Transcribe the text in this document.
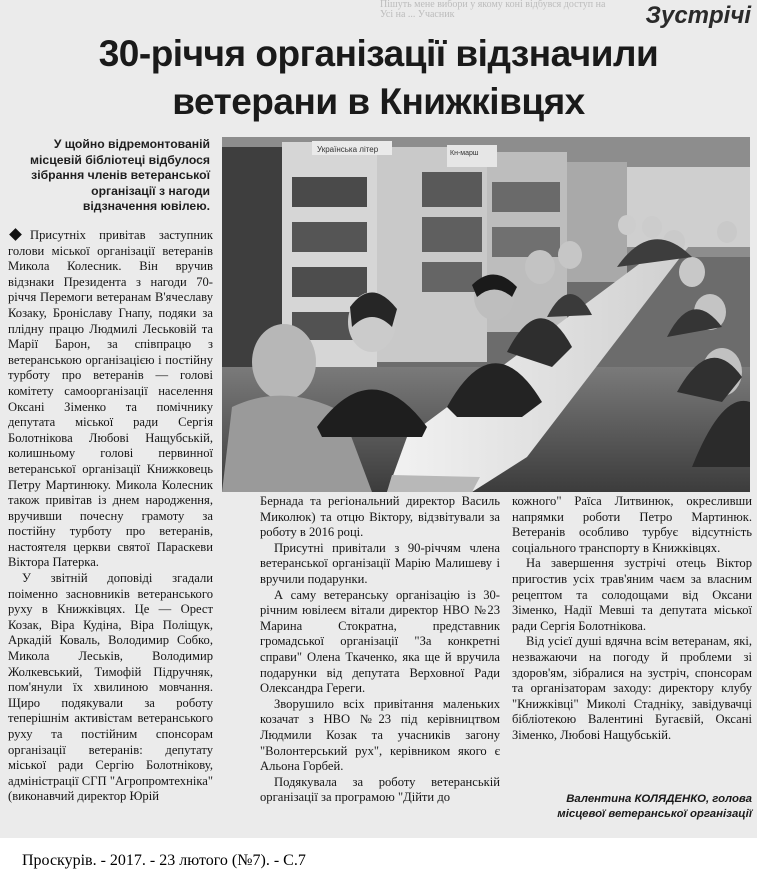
Пішуть мене вибори у якому коні відбувся доступ на Усі на ... Учасник	Зустрічі
30-річчя організації відзначили
ветерани в Книжківцях
У щойно відремонтованій місцевій бібліотеці відбулося зібрання членів ветеранської організації з нагоди відзначення ювілею.
Українська літер	Кн-марш

Присутніх привітав заступник голови міської організації ветеранів Микола Колесник. Він вручив відзнаки Президента з нагоди 70-річчя Перемоги ветеранам В'ячеславу Козаку, Броніславу Гнапу, подяки за плідну працю Людмилі Леськовій та Марії Барон, за співпрацю з ветеранською організацією і постійну турботу про ветеранів — голові комітету самоорганізації населення Оксані Зіменко та помічнику депутата міської ради Сергія Болотнікова Любові Нащубській, колишньому голові первинної ветеранської організації Книжковець Петру Мартинюку. Микола Колесник також привітав із днем народження, вручивши почесну грамоту за постійну турботу про ветеранів, настоятеля церкви святої Параскеви Віктора Патерка.

У звітній доповіді згадали поіменно засновників ветеранського руху в Книжківцях. Це — Орест Козак, Віра Кудіна, Віра Поліщук, Аркадій Коваль, Володимир Собко, Микола Леськів, Володимир Жолкевський, Тимофій Підручняк, пом'янули їх хвилиною мовчання. Щиро подякували за роботу теперішнім активістам ветеранського руху та постійним спонсорам організації ветеранів: депутату міської ради Сергію Болотнікову, адміністрації СГП "Агропромтехніка" (виконавчий директор Юрій

Бернада та регіональний директор Василь Миколюк) та отцю Віктору, відзвітували за роботу в 2016 році.

Присутні привітали з 90-річчям члена ветеранської організації Марію Малишеву і вручили подарунки.

А саму ветеранську організацію із 30-річним ювілеєм вітали директор НВО №23 Марина Стократна, представник громадської організації "За конкретні справи" Олена Ткаченко, яка ще й вручила подарунки від депутата Верховної Ради Олександра Гереги.

Зворушило всіх привітання маленьких козачат з НВО №23 під керівництвом Людмили Козак та учасників загону "Волонтерський рух", керівником якого є Альона Горбей.

Подякувала за роботу ветеранській організації за програмою "Дійти до

кожного" Раїса Литвинюк, окресливши напрямки роботи Петро Мартинюк. Ветеранів особливо турбує відсутність соціального транспорту в Книжківцях.

На завершення зустрічі отець Віктор пригостив усіх трав'яним чаєм за власним рецептом та солодощами від Оксани Зіменко, Надії Мевші та депутата міської ради Сергія Болотнікова.

Від усієї душі вдячна всім ветеранам, які, незважаючи на погоду й проблеми зі здоров'ям, зібралися на зустріч, спонсорам та організаторам заходу: директору клубу "Книжківці" Миколі Стадніку, завідувачці бібліотекою Валентині Бугаєвій, Оксані Зіменко, Любові Нащубській.

Валентина КОЛЯДЕНКО, голова
місцевої ветеранської організації
Проскурів. - 2017. - 23 лютого (№7). - С.7
